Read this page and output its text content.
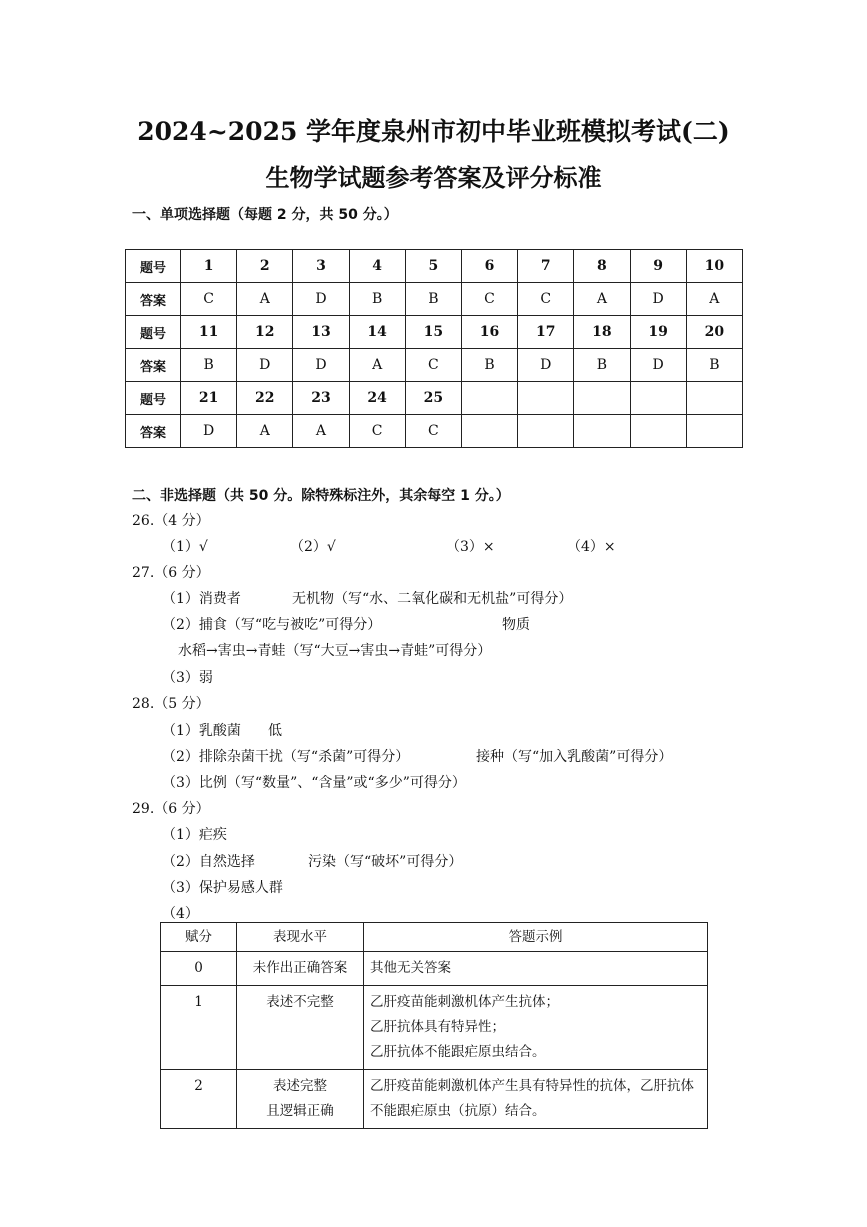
2024~2025 学年度泉州市初中毕业班模拟考试(二)
生物学试题参考答案及评分标准
一、单项选择题（每题 2 分，共 50 分。）
题号	1	2	3	4	5	6	7	8	9	10
答案	C	A	D	B	B	C	C	A	D	A
题号	11	12	13	14	15	16	17	18	19	20
答案	B	D	D	A	C	B	D	B	D	B
题号	21	22	23	24	25					
答案	D	A	A	C	C					
二、非选择题（共 50 分。除特殊标注外，其余每空 1 分。）
26.（4 分）
（1）√	（2）√	（3）×	（4）×
27.（6 分）
（1）消费者	无机物（写“水、二氧化碳和无机盐”可得分）
（2）捕食（写“吃与被吃”可得分）	物质
水稻→害虫→青蛙（写“大豆→害虫→青蛙”可得分）
（3）弱
28.（5 分）
（1）乳酸菌 低
（2）排除杂菌干扰（写“杀菌”可得分）	接种（写“加入乳酸菌”可得分）
（3）比例（写“数量”、“含量”或“多少”可得分）
29.（6 分）
（1）疟疾
（2）自然选择	污染（写“破坏”可得分）
（3）保护易感人群
（4）
赋分	表现水平	答题示例
0	未作出正确答案	其他无关答案

1	表述不完整	乙肝疫苗能刺激机体产生抗体；
乙肝抗体具有特异性；
乙肝抗体不能跟疟原虫结合。

2	表述完整
且逻辑正确	乙肝疫苗能刺激机体产生具有特异性的抗体，乙肝抗体不能跟疟原虫（抗原）结合。
